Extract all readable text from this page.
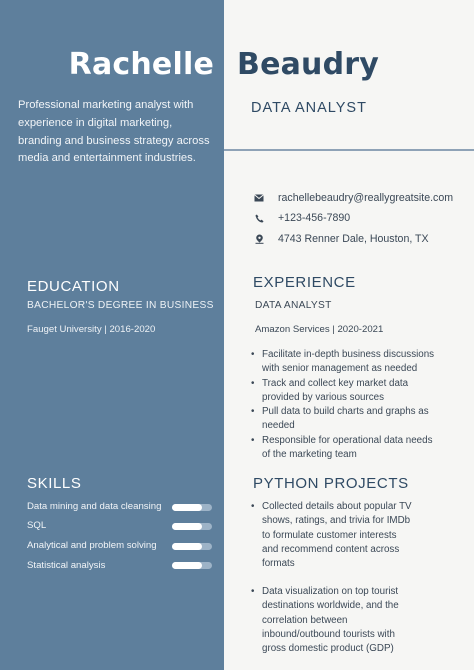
Rachelle Beaudry

Professional marketing analyst with experience in digital marketing, branding and business strategy across media and entertainment industries.

DATA ANALYST
rachellebeaudry@reallygreatsite.com
+123-456-7890
4743 Renner Dale, Houston, TX
EDUCATION
BACHELOR'S DEGREE IN BUSINESS
Fauget University | 2016-2020
EXPERIENCE
DATA ANALYST
Amazon Services | 2020-2021
• Facilitate in-depth business discussions
with senior management as needed
• Track and collect key market data
provided by various sources
• Pull data to build charts and graphs as
needed
• Responsible for operational data needs
of the marketing team
SKILLS
Data mining and data cleansing
SQL
Analytical and problem solving
Statistical analysis
PYTHON PROJECTS
• Collected details about popular TV
shows, ratings, and trivia for IMDb
to formulate customer interests
and recommend content across
formats
• Data visualization on top tourist
destinations worldwide, and the
correlation between
inbound/outbound tourists with
gross domestic product (GDP)
